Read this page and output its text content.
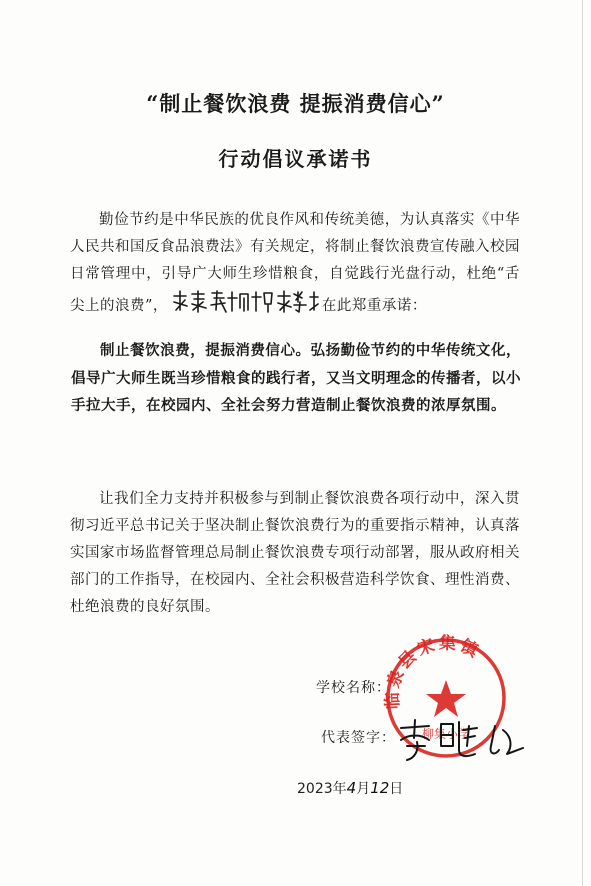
“制止餐饮浪费 提振消费信心”
行动倡议承诺书
勤俭节约是中华民族的优良作风和传统美德，为认真落实《中华人民共和国反食品浪费法》有关规定，将制止餐饮浪费宣传融入校园日常管理中，引导广大师生珍惜粮食，自觉践行光盘行动，杜绝“舌尖上的浪费”，	在此郑重承诺：
制止餐饮浪费，提振消费信心。弘扬勤俭节约的中华传统文化，倡导广大师生既当珍惜粮食的践行者，又当文明理念的传播者，以小手拉大手，在校园内、全社会努力营造制止餐饮浪费的浓厚氛围。
让我们全力支持并积极参与到制止餐饮浪费各项行动中，深入贯彻习近平总书记关于坚决制止餐饮浪费行为的重要指示精神，认真落实国家市场监督管理总局制止餐饮浪费专项行动部署，服从政府相关部门的工作指导，在校园内、全社会积极营造科学饮食、理性消费、杜绝浪费的良好氛围。
学校名称：
临泉县宋集镇
柳集小学
代表签字：
2023年4月12日
